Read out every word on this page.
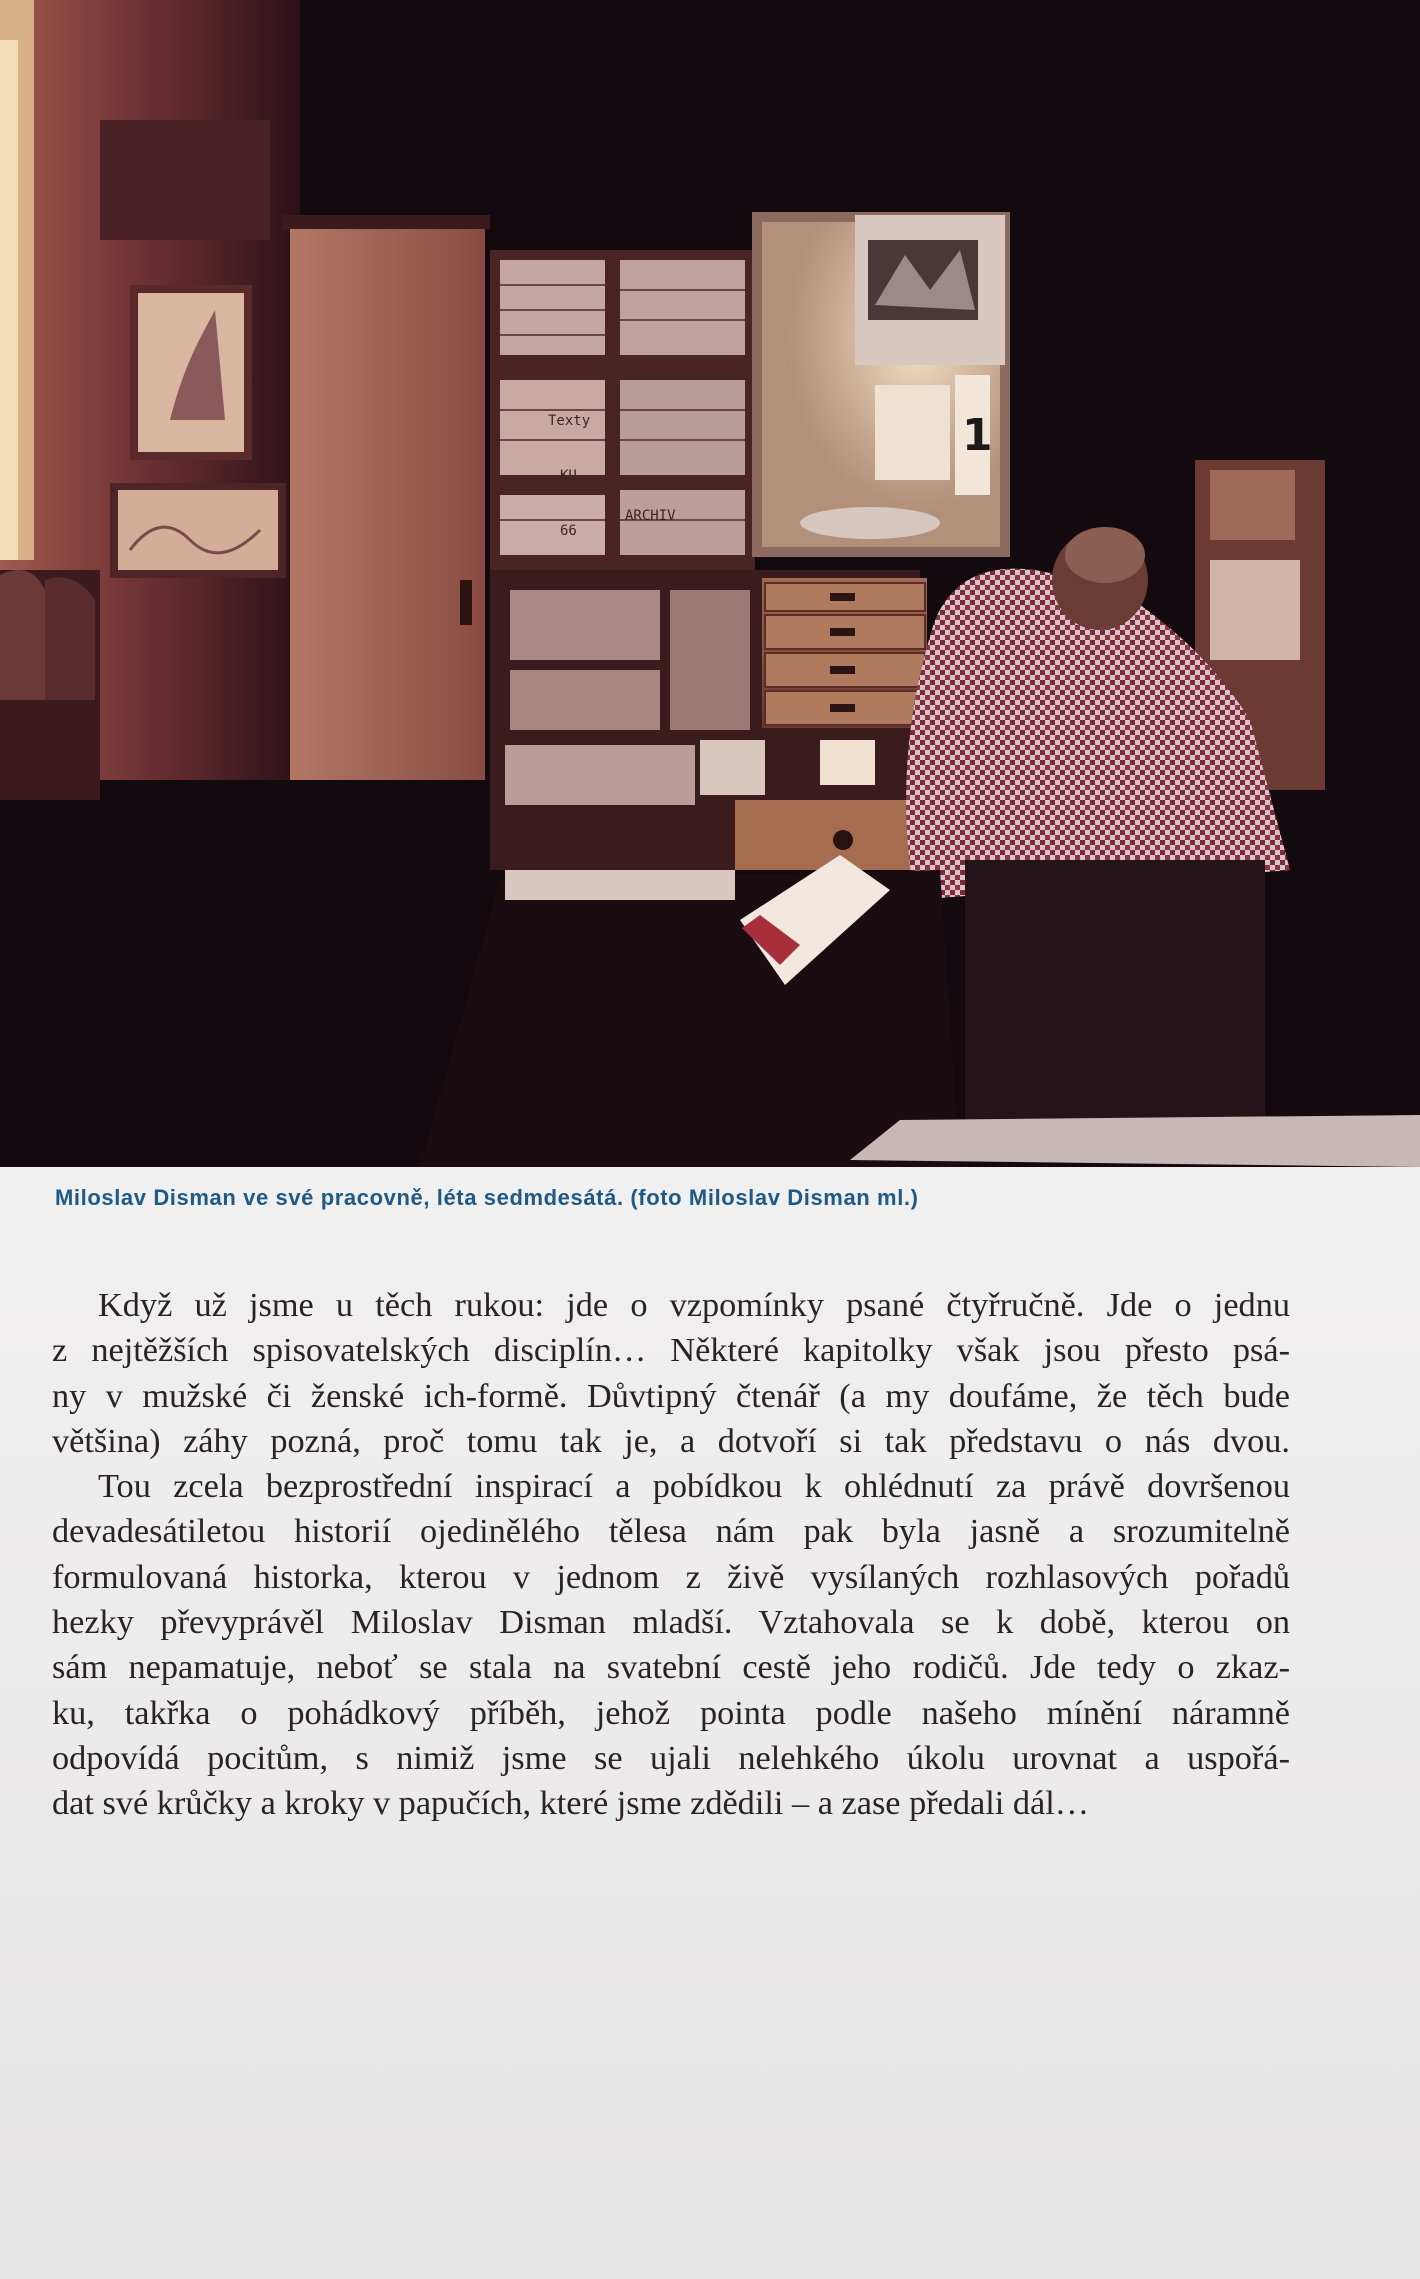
Texty
KU
ARCHIV
66
1
Miloslav Disman ve své pracovně, léta sedmdesátá. (foto Miloslav Disman ml.)

Když už jsme u těch rukou: jde o vzpomínky psané čtyřručně. Jde o jednu

z nejtěžších spisovatelských disciplín… Některé kapitolky však jsou přesto psá-

ny v mužské či ženské ich-formě. Důvtipný čtenář (a my doufáme, že těch bude

většina) záhy pozná, proč tomu tak je, a dotvoří si tak představu o nás dvou.

Tou zcela bezprostřední inspirací a pobídkou k ohlédnutí za právě dovršenou

devadesátiletou historií ojedinělého tělesa nám pak byla jasně a srozumitelně

formulovaná historka, kterou v jednom z živě vysílaných rozhlasových pořadů

hezky převyprávěl Miloslav Disman mladší. Vztahovala se k době, kterou on

sám nepamatuje, neboť se stala na svatební cestě jeho rodičů. Jde tedy o zkaz-

ku, takřka o pohádkový příběh, jehož pointa podle našeho mínění náramně

odpovídá pocitům, s nimiž jsme se ujali nelehkého úkolu urovnat a uspořá-

dat své krůčky a kroky v papučích, které jsme zdědili – a zase předali dál…
